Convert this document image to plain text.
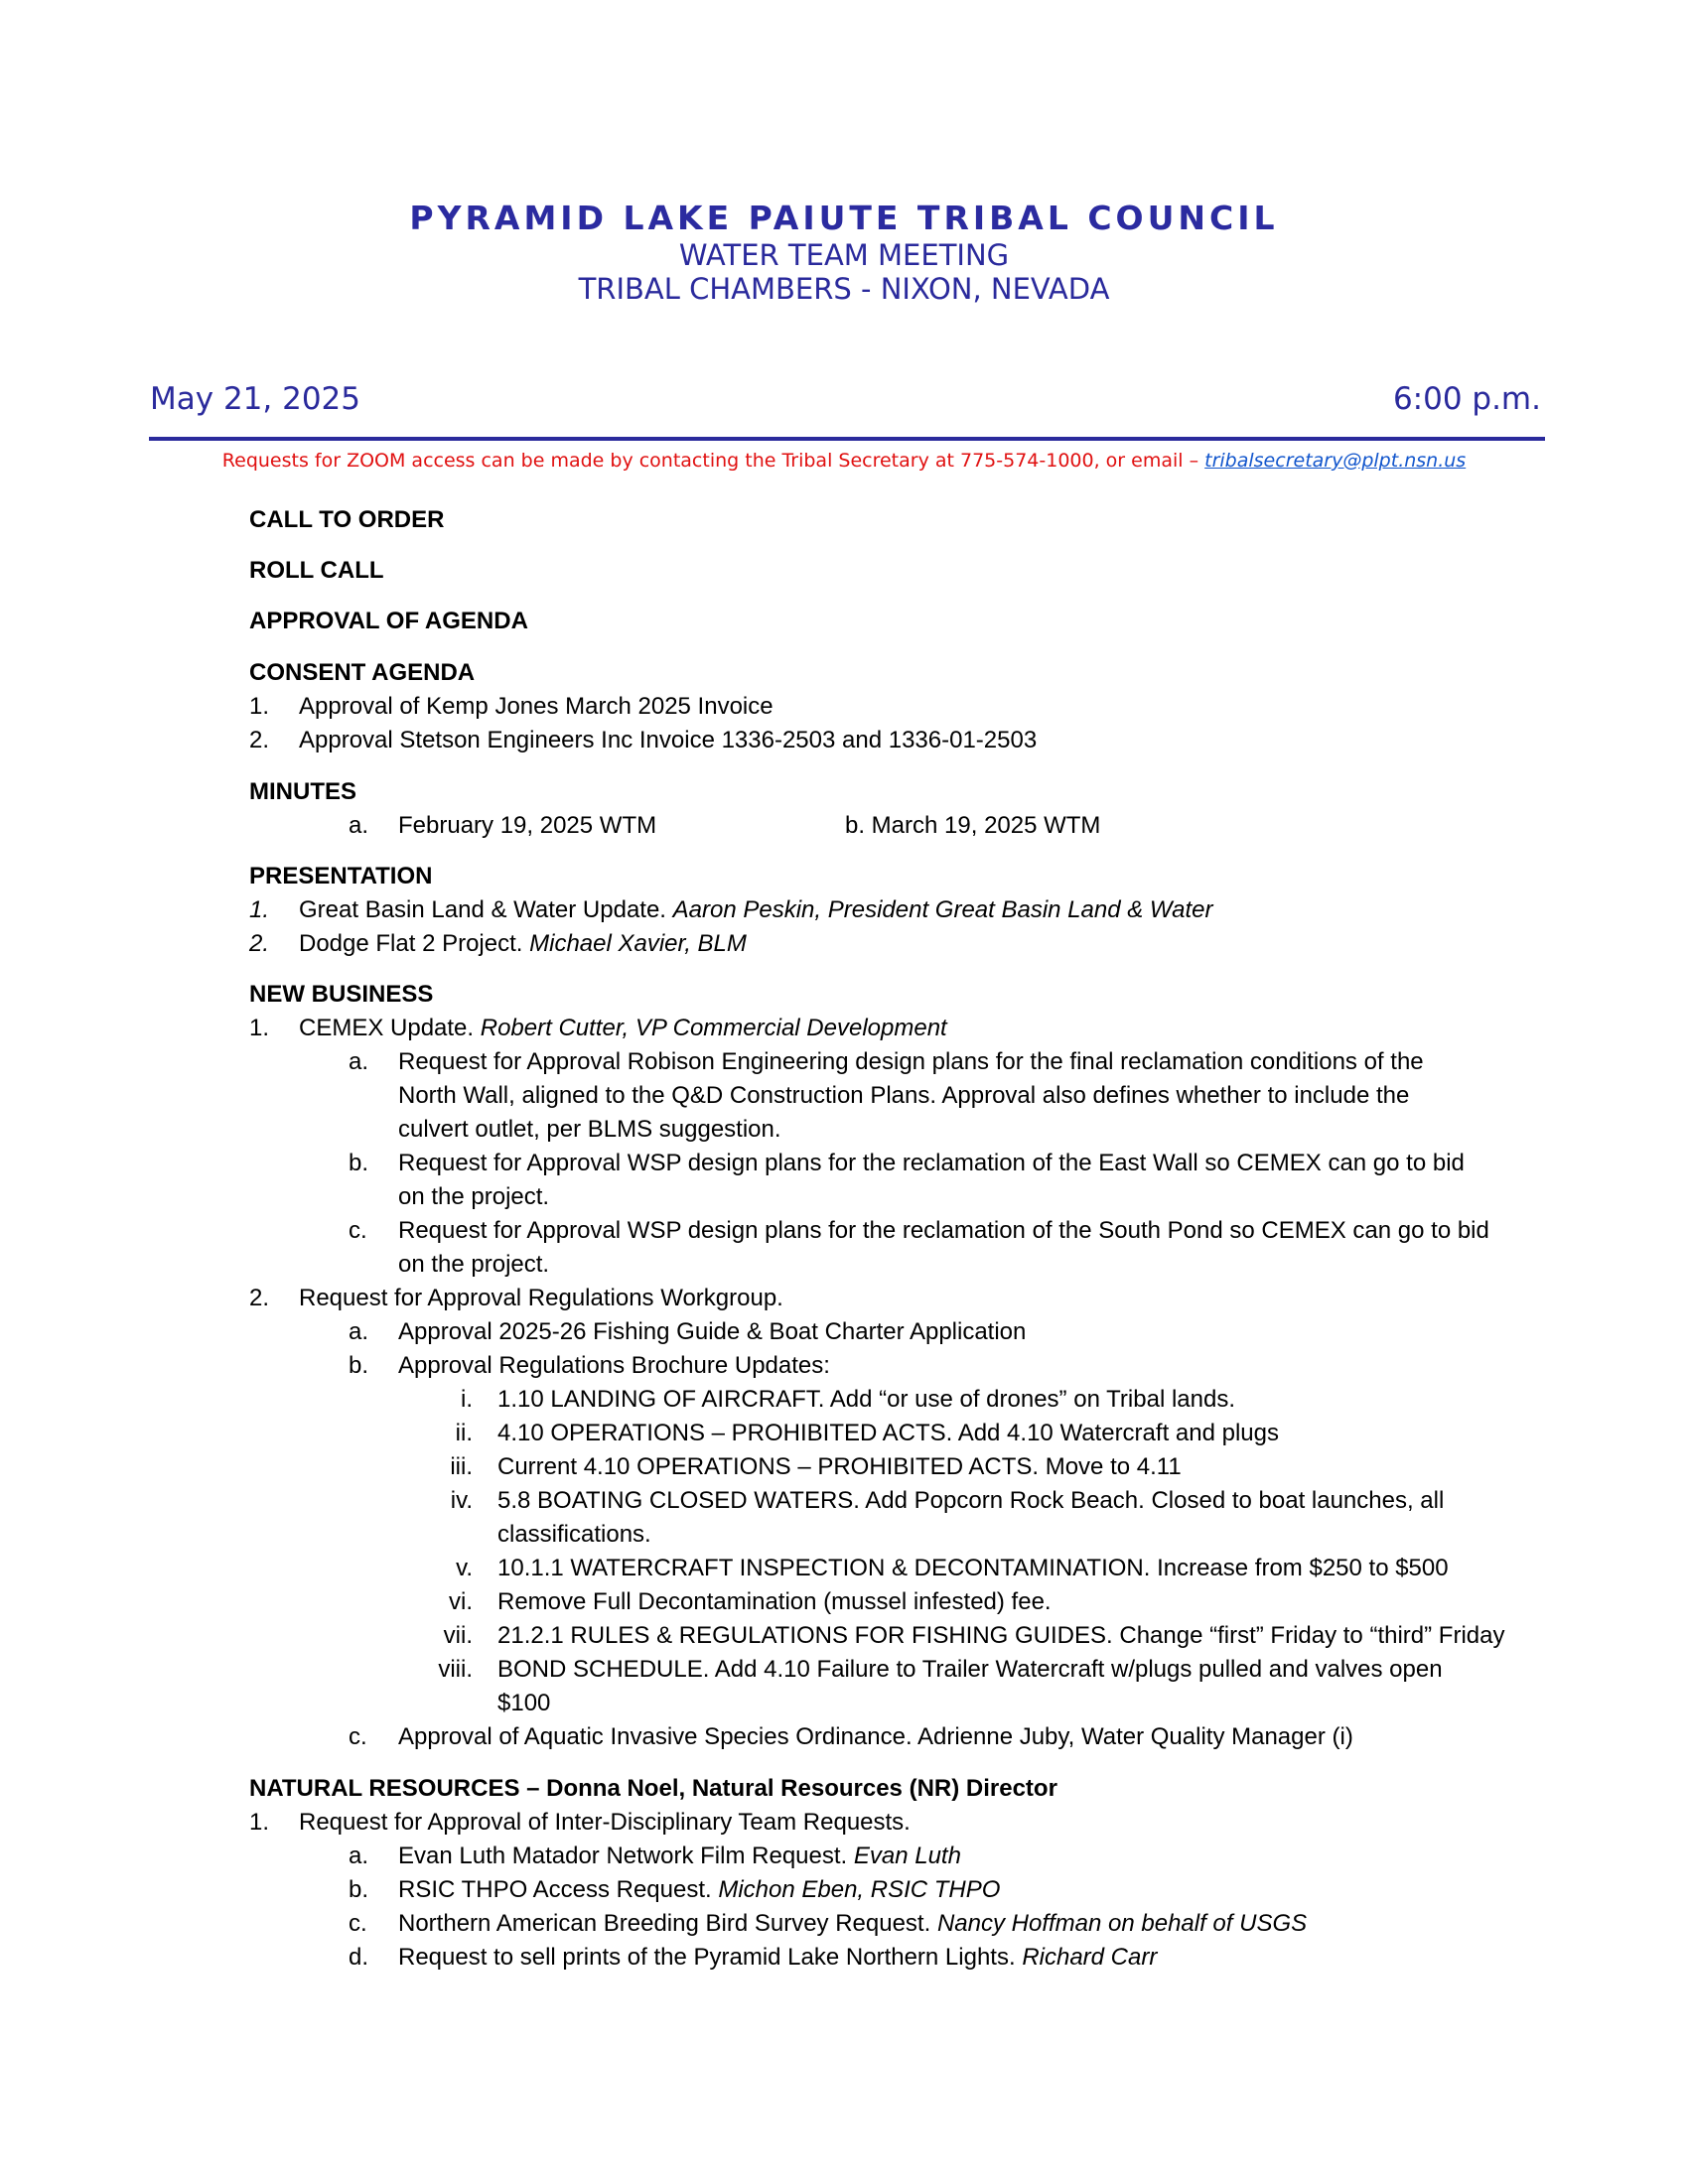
PYRAMID LAKE PAIUTE TRIBAL COUNCIL
WATER TEAM MEETING
TRIBAL CHAMBERS - NIXON, NEVADA
May 21, 2025	6:00 p.m.
Requests for ZOOM access can be made by contacting the Tribal Secretary at 775-574-1000, or email – tribalsecretary@plpt.nsn.us
CALL TO ORDER
ROLL CALL
APPROVAL OF AGENDA
CONSENT AGENDA
1. Approval of Kemp Jones March 2025 Invoice
2. Approval Stetson Engineers Inc Invoice 1336-2503 and 1336-01-2503
MINUTES
a. February 19, 2025 WTM	b. March 19, 2025 WTM
PRESENTATION
1. Great Basin Land & Water Update. Aaron Peskin, President Great Basin Land & Water
2. Dodge Flat 2 Project. Michael Xavier, BLM
NEW BUSINESS
1. CEMEX Update. Robert Cutter, VP Commercial Development
a. Request for Approval Robison Engineering design plans for the final reclamation conditions of the
North Wall, aligned to the Q&D Construction Plans. Approval also defines whether to include the
culvert outlet, per BLMS suggestion.
b. Request for Approval WSP design plans for the reclamation of the East Wall so CEMEX can go to bid
on the project.
c. Request for Approval WSP design plans for the reclamation of the South Pond so CEMEX can go to bid
on the project.
2. Request for Approval Regulations Workgroup.
a. Approval 2025-26 Fishing Guide & Boat Charter Application
b. Approval Regulations Brochure Updates:
i. 1.10 LANDING OF AIRCRAFT. Add “or use of drones” on Tribal lands.
ii. 4.10 OPERATIONS – PROHIBITED ACTS. Add 4.10 Watercraft and plugs
iii. Current 4.10 OPERATIONS – PROHIBITED ACTS. Move to 4.11
iv. 5.8 BOATING CLOSED WATERS. Add Popcorn Rock Beach. Closed to boat launches, all
classifications.
v. 10.1.1 WATERCRAFT INSPECTION & DECONTAMINATION. Increase from $250 to $500
vi. Remove Full Decontamination (mussel infested) fee.
vii. 21.2.1 RULES & REGULATIONS FOR FISHING GUIDES. Change “first” Friday to “third” Friday
viii. BOND SCHEDULE. Add 4.10 Failure to Trailer Watercraft w/plugs pulled and valves open
$100
c. Approval of Aquatic Invasive Species Ordinance. Adrienne Juby, Water Quality Manager (i)
NATURAL RESOURCES – Donna Noel, Natural Resources (NR) Director
1. Request for Approval of Inter-Disciplinary Team Requests.
a. Evan Luth Matador Network Film Request. Evan Luth
b. RSIC THPO Access Request. Michon Eben, RSIC THPO
c. Northern American Breeding Bird Survey Request. Nancy Hoffman on behalf of USGS
d. Request to sell prints of the Pyramid Lake Northern Lights. Richard Carr
